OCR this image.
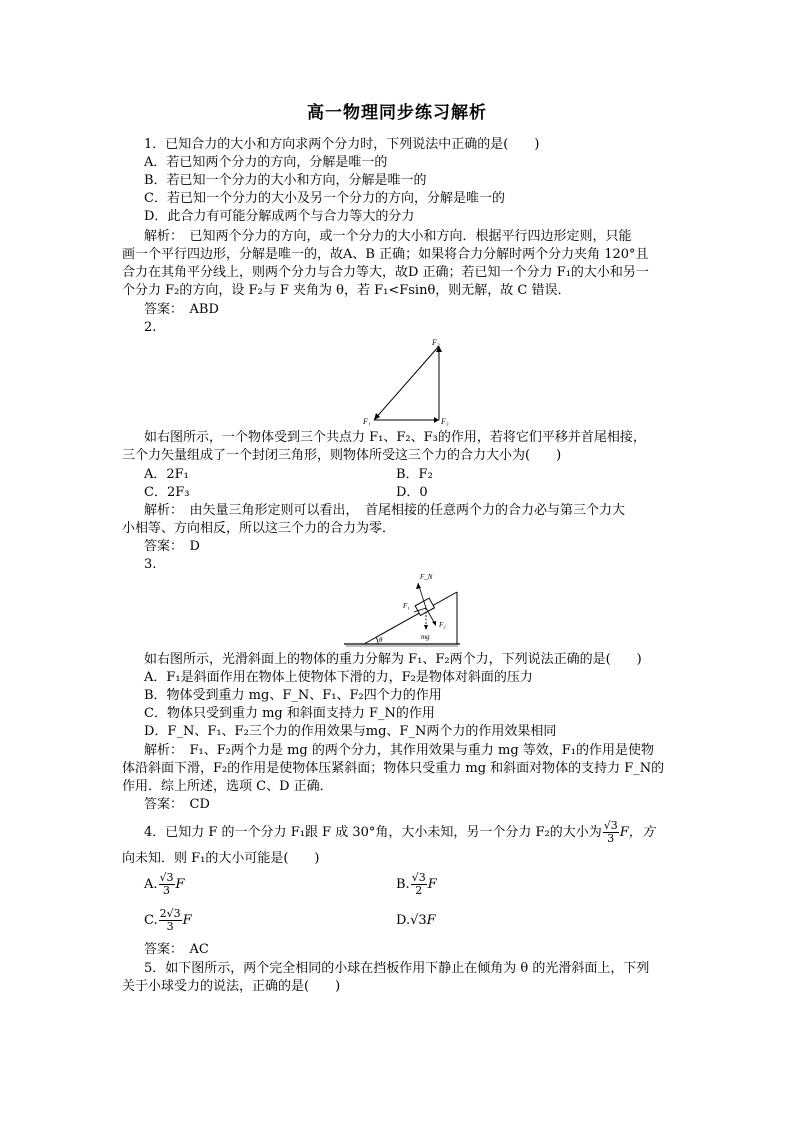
高一物理同步练习解析
1．已知合力的大小和方向求两个分力时，下列说法中正确的是(　　)
A．若已知两个分力的方向，分解是唯一的
B．若已知一个分力的大小和方向，分解是唯一的
C．若已知一个分力的大小及另一个分力的方向，分解是唯一的
D．此合力有可能分解成两个与合力等大的分力
解析：　已知两个分力的方向，或一个分力的大小和方向．根据平行四边形定则，只能
画一个平行四边形，分解是唯一的，故A、B 正确；如果将合力分解时两个分力夹角 120°且
合力在其角平分线上，则两个分力与合力等大，故D 正确；若已知一个分力 F₁的大小和另一
个分力 F₂的方向，设 F₂与 F 夹角为 θ，若 F₁<Fsinθ，则无解，故 C 错误．
答案：　ABD
2.
F₂
F₁	F₃
如右图所示，一个物体受到三个共点力 F₁、F₂、F₃的作用，若将它们平移并首尾相接，
三个力矢量组成了一个封闭三角形，则物体所受这三个力的合力大小为(　　)
A．2F₁	B．F₂
C．2F₃	D．0
解析：　由矢量三角形定则可以看出，　首尾相接的任意两个力的合力必与第三个力大
小相等、方向相反，所以这三个力的合力为零．
答案：　D
3.
θ
F_N
F₁
F₂
mg
如右图所示，光滑斜面上的物体的重力分解为 F₁、F₂两个力，下列说法正确的是(　　)
A．F₁是斜面作用在物体上使物体下滑的力，F₂是物体对斜面的压力
B．物体受到重力 mg、F_N、F₁、F₂四个力的作用
C．物体只受到重力 mg 和斜面支持力 F_N的作用
D．F_N、F₁、F₂三个力的作用效果与mg、F_N两个力的作用效果相同
解析：　F₁、F₂两个力是 mg 的两个分力，其作用效果与重力 mg 等效，F₁的作用是使物
体沿斜面下滑，F₂的作用是使物体压紧斜面；物体只受重力 mg 和斜面对物体的支持力 F_N的
作用．综上所述，选项 C、D 正确．
答案：　CD
4．已知力 F 的一个分力 F₁跟 F 成 30°角，大小未知，另一个分力 F₂的大小为 $\frac{√3}{3}$ F，方
向未知．则 F₁的大小可能是(　　)
A. $\frac{√3}{3}$ F	B. $\frac{√3}{2}$ F
C. $\frac{2√3}{3}$ F	D.√3F
答案：　AC
5．如下图所示，两个完全相同的小球在挡板作用下静止在倾角为 θ 的光滑斜面上，下列
关于小球受力的说法，正确的是(　　)
